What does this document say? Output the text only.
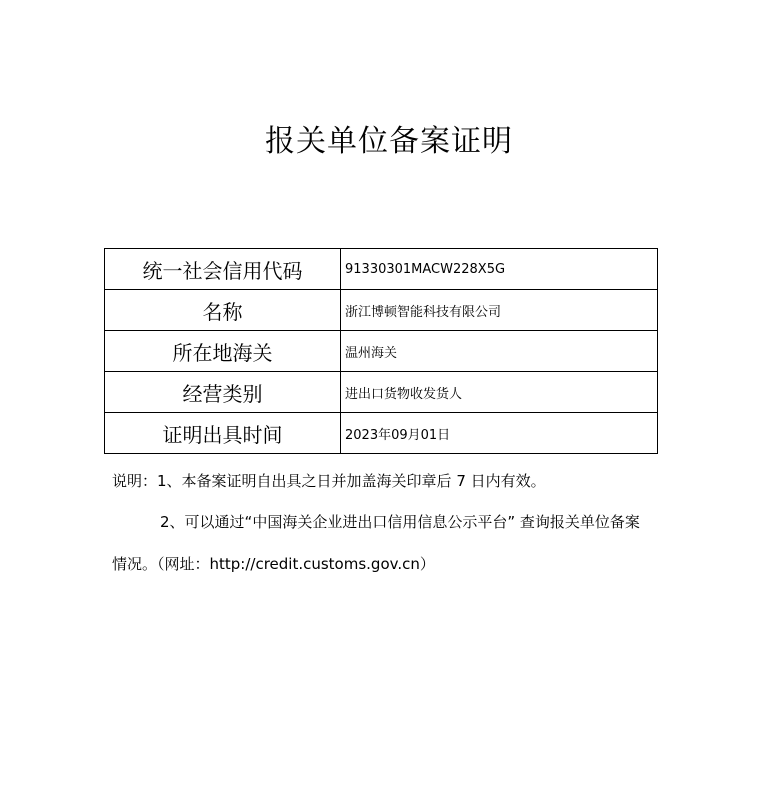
报关单位备案证明
统一社会信用代码	91330301MACW228X5G
名称	浙江博顿智能科技有限公司
所在地海关	温州海关
经营类别	进出口货物收发货人
证明出具时间	2023年09月01日
说明：1、本备案证明自出具之日并加盖海关印章后 7 日内有效。
2、可以通过“中国海关企业进出口信用信息公示平台” 查询报关单位备案
情况。（网址：http://credit.customs.gov.cn）
